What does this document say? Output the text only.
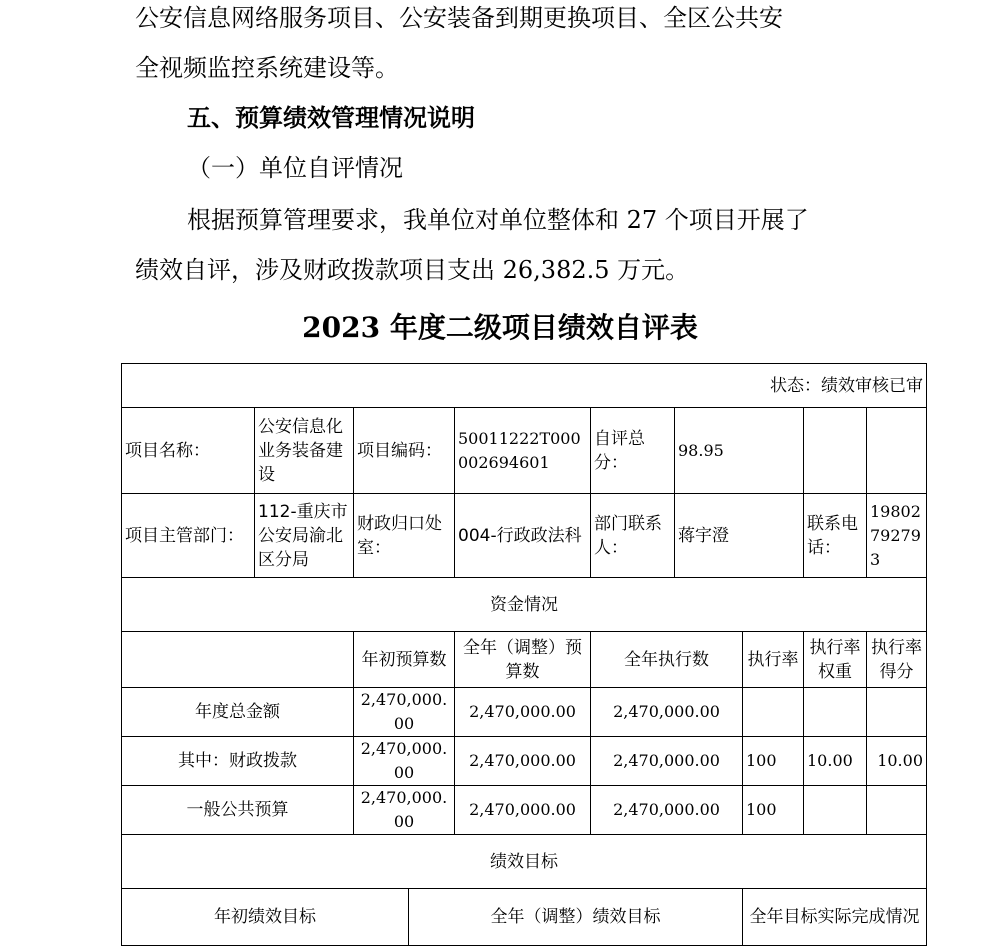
公安信息网络服务项目、公安装备到期更换项目、全区公共安
全视频监控系统建设等。
五、预算绩效管理情况说明
（一）单位自评情况
根据预算管理要求，我单位对单位整体和 27 个项目开展了
绩效自评，涉及财政拨款项目支出 26,382.5 万元。
2023 年度二级项目绩效自评表
状态：绩效审核已审									
项目名称：	公安信息化业务装备建设	项目编码：		50011222T000002694601	自评总分：	98.95			
项目主管部门：	112-重庆市公安局渝北区分局	财政归口处室：		004-行政政法科	部门联系人：	蒋宇澄		联系电话：	19802792793
资金情况									
		年初预算数		全年（调整）预算数	全年执行数		执行率	执行率权重	执行率得分
年度总金额		2,470,000.00		2,470,000.00	2,470,000.00				
其中：财政拨款		2,470,000.00		2,470,000.00	2,470,000.00		100	10.00	10.00
一般公共预算		2,470,000.00		2,470,000.00	2,470,000.00		100		
绩效目标									
年初绩效目标			全年（调整）绩效目标				全年目标实际完成情况		
